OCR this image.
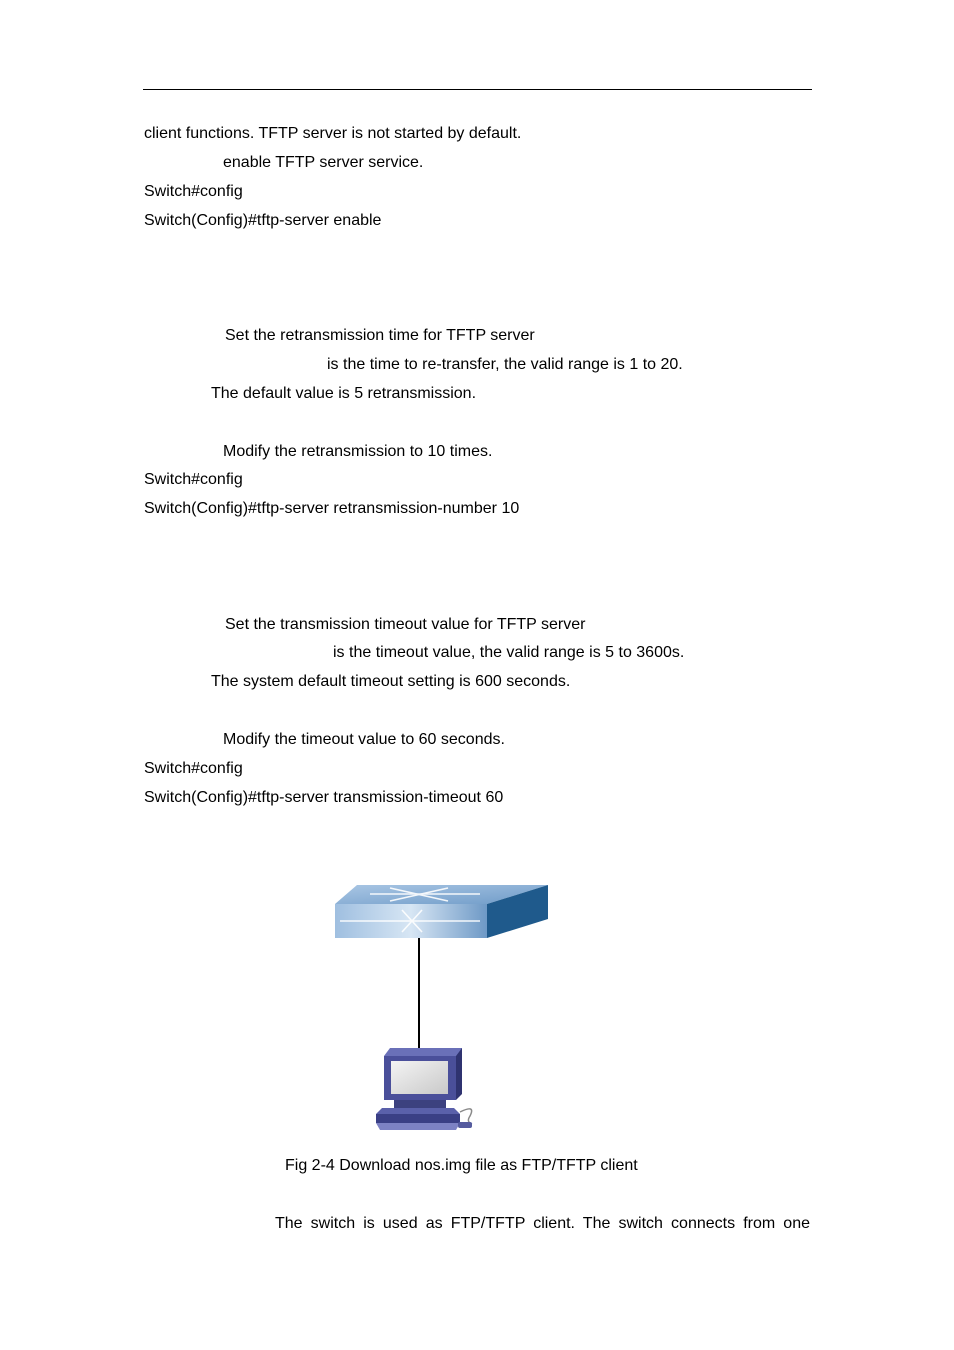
client functions. TFTP server is not started by default.
enable TFTP server service.
Switch#config
Switch(Config)#tftp-server enable
Set the retransmission time for TFTP server
is the time to re-transfer, the valid range is 1 to 20.
The default value is 5 retransmission.
Modify the retransmission to 10 times.
Switch#config
Switch(Config)#tftp-server retransmission-number 10
Set the transmission timeout value for TFTP server
is the timeout value, the valid range is 5 to 3600s.
The system default timeout setting is 600 seconds.
Modify the timeout value to 60 seconds.
Switch#config
Switch(Config)#tftp-server transmission-timeout 60
Fig 2-4 Download nos.img file as FTP/TFTP client
The switch is used as FTP/TFTP client. The switch connects from one
